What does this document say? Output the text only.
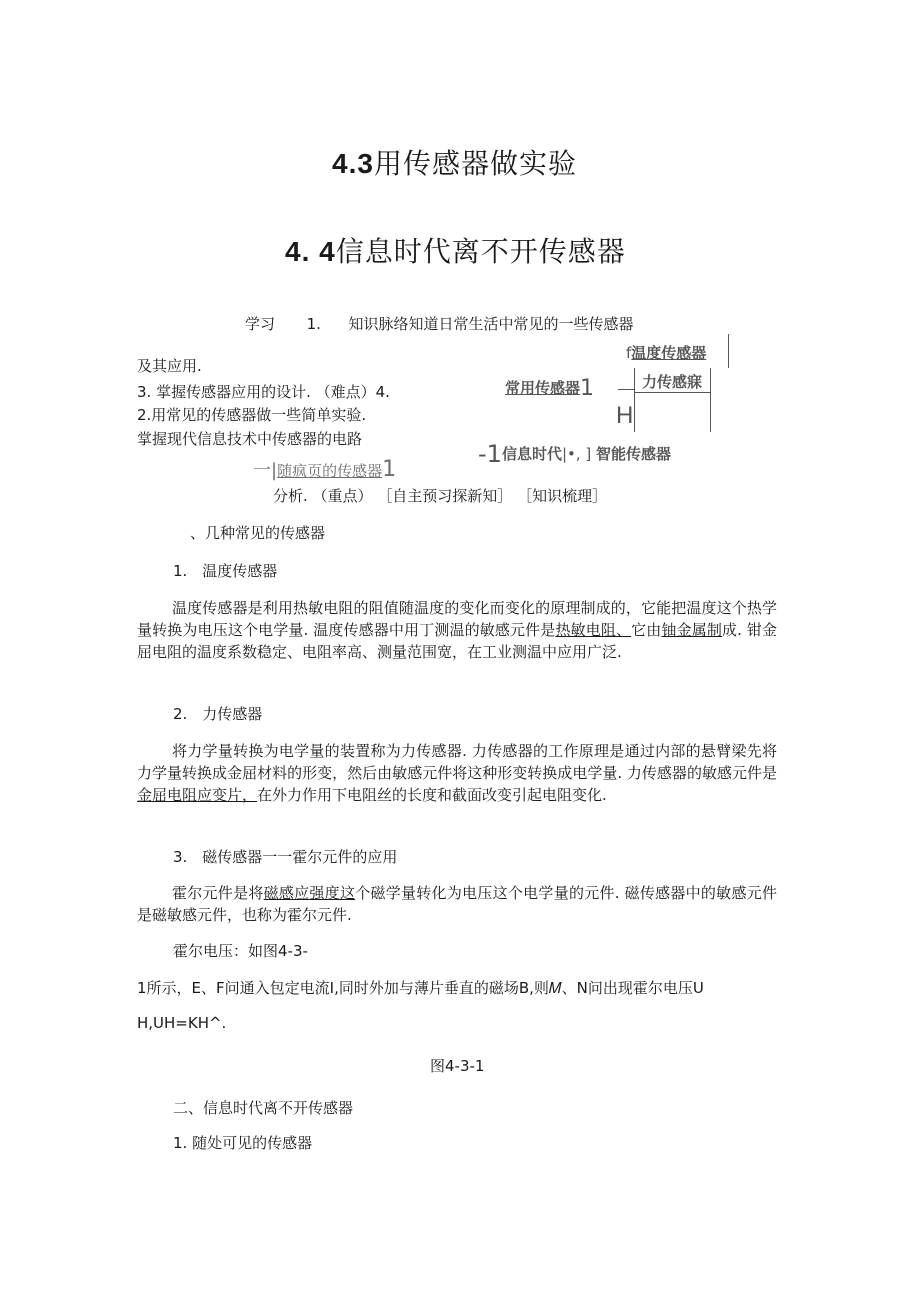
4.3用传感器做实验
4. 4信息时代离不开传感器
学习 1. 知识脉络知道日常生活中常见的一些传感器
及其应用.
3. 掌握传感器应用的设计. （难点）4.
2.用常见的传感器做一些简单实验.
掌握现代信息技术中传感器的电路
一|随疯页的传感器1
分析. （重点） ［自主预习探新知］ ［知识梳理］
f温度传感器
常用传感器1	力传感寐
H
-1信息时代|•, ] 智能传感器
、几种常见的传感器
1.　温度传感器
温度传感器是利用热敏电阻的阻值随温度的变化而变化的原理制成的，它能把温度这个热学量转换为电压这个电学量. 温度传感器中用丁测温的敏感元件是热敏电阻、它由铀金属制成. 钳金屈电阻的温度系数稳定、电阻率高、测量范围宽，在工业测温中应用广泛.
2.　力传感器
将力学量转换为电学量的装置称为力传感器. 力传感器的工作原理是通过内部的悬臂梁先将力学量转换成金屈材料的形变，然后由敏感元件将这种形变转换成电学量. 力传感器的敏感元件是金屈电阻应变片，在外力作用下电阻丝的长度和截面改变引起电阻变化.
3.　磁传感器一一霍尔元件的应用
霍尔元件是将磁感应强度这个磁学量转化为电压这个电学量的元件. 磁传感器中的敏感元件是磁敏感元件，也称为霍尔元件.
霍尔电压：如图4-3-
1所示，E、F问通入包定电流I,同时外加与薄片垂直的磁场B,则𝑀、N问出现霍尔电压U
H,UH=KH^.
图4-3-1
二、信息时代离不开传感器
1. 随处可见的传感器
